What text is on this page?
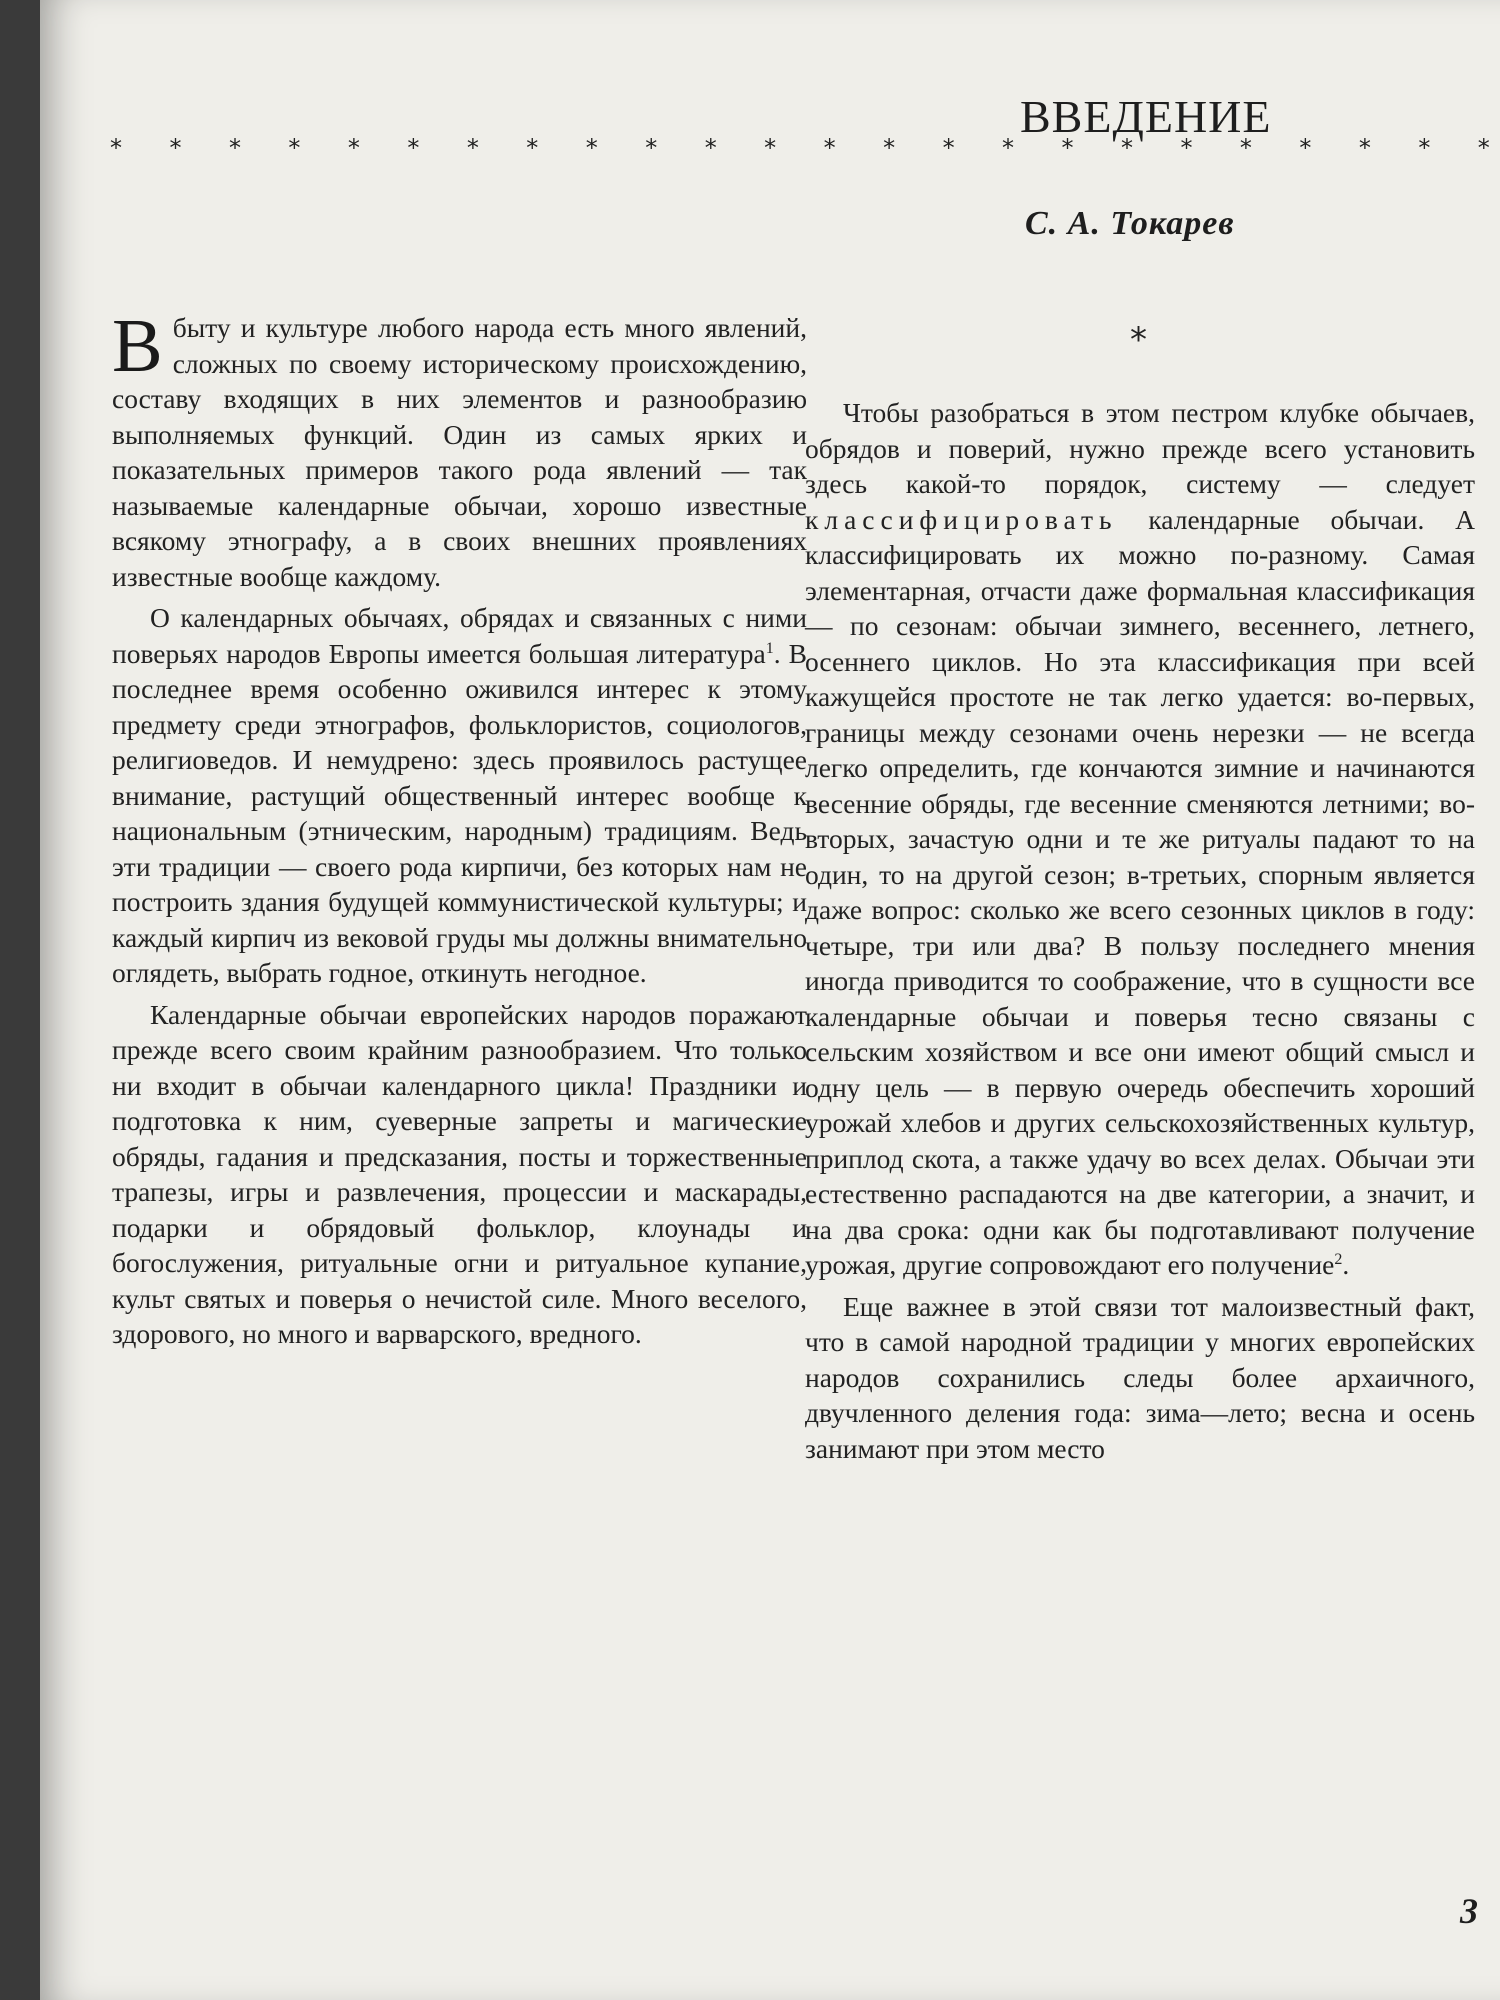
* * * * * * * * * * * * * * * * * * * * * * * *
ВВЕДЕНИЕ
С. А. Токарев

Вбыту и культуре любого народа есть много явлений, сложных по своему историческому происхождению, составу входящих в них элементов и разнообразию выполняемых функций. Один из самых ярких и показательных примеров такого рода явлений — так называемые календарные обычаи, хорошо известные всякому этнографу, а в своих внешних проявлениях известные вообще каждому.

О календарных обычаях, обрядах и связанных с ними поверьях народов Европы имеется большая литература$^1$. В последнее время особенно оживился интерес к этому предмету среди этнографов, фольклористов, социологов, религиоведов. И немудрено: здесь проявилось растущее внимание, растущий общественный интерес вообще к национальным (этническим, народным) традициям. Ведь эти традиции — своего рода кирпичи, без которых нам не построить здания будущей коммунистической культуры; и каждый кирпич из вековой груды мы должны внимательно оглядеть, выбрать годное, откинуть негодное.

Календарные обычаи европейских народов поражают прежде всего своим крайним разнообразием. Что только ни входит в обычаи календарного цикла! Праздники и подготовка к ним, суеверные запреты и магические обряды, гадания и предсказания, посты и торжественные трапезы, игры и развлечения, процессии и маскарады, подарки и обрядовый фольклор, клоунады и богослужения, ритуальные огни и ритуальное купание, культ святых и поверья о нечистой силе. Много веселого, здорового, но много и варварского, вредного.

*

Чтобы разобраться в этом пестром клубке обычаев, обрядов и поверий, нужно прежде всего установить здесь какой-то порядок, систему — следует классифицировать календарные обычаи. А классифицировать их можно по-разному. Самая элементарная, отчасти даже формальная классификация — по сезонам: обычаи зимнего, весеннего, летнего, осеннего циклов. Но эта классификация при всей кажущейся простоте не так легко удается: во-первых, границы между сезонами очень нерезки — не всегда легко определить, где кончаются зимние и начинаются весенние обряды, где весенние сменяются летними; во-вторых, зачастую одни и те же ритуалы падают то на один, то на другой сезон; в-третьих, спорным является даже вопрос: сколько же всего сезонных циклов в году: четыре, три или два? В пользу последнего мнения иногда приводится то соображение, что в сущности все календарные обычаи и поверья тесно связаны с сельским хозяйством и все они имеют общий смысл и одну цель — в первую очередь обеспечить хороший урожай хлебов и других сельскохозяйственных культур, приплод скота, а также удачу во всех делах. Обычаи эти естественно распадаются на две категории, а значит, и на два срока: одни как бы подготавливают получение урожая, другие сопровождают его получение$^2$.

Еще важнее в этой связи тот малоизвестный факт, что в самой народной традиции у многих европейских народов сохранились следы более архаичного, двучленного деления года: зима—лето; весна и осень занимают при этом место

3
